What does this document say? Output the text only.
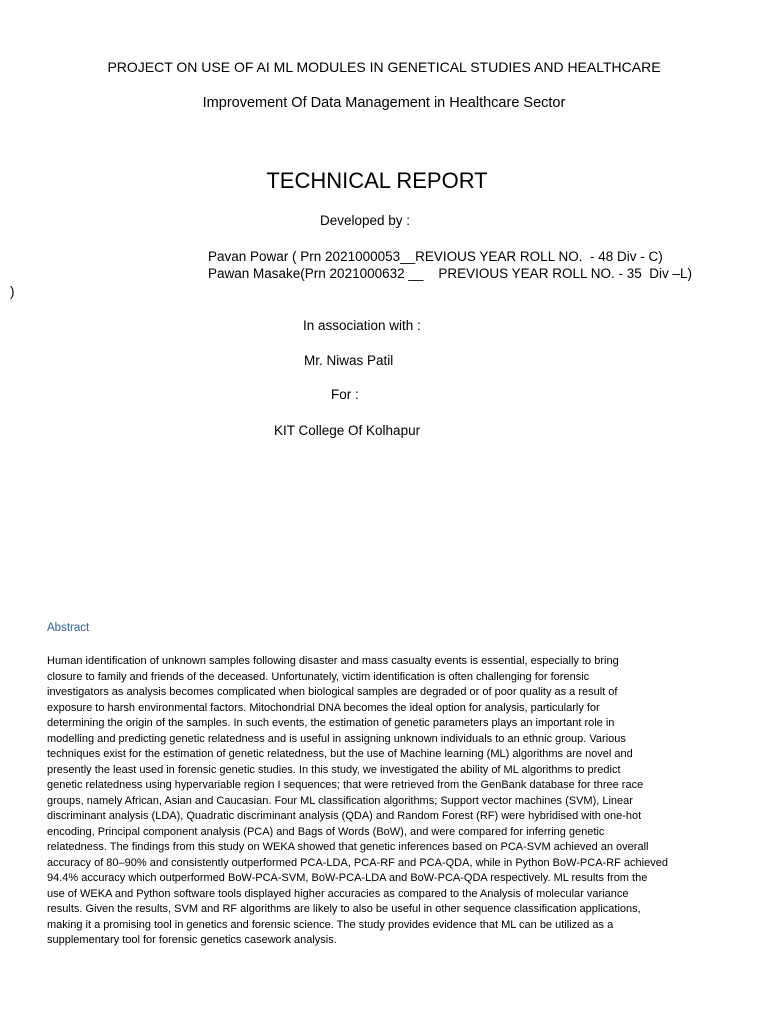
PROJECT ON USE OF AI ML MODULES IN GENETICAL STUDIES AND HEALTHCARE
Improvement Of Data Management in Healthcare Sector
TECHNICAL REPORT
Developed by :
Pavan Powar ( Prn 2021000053__REVIOUS YEAR ROLL NO.  - 48 Div - C)
Pawan Masake(Prn 2021000632 __    PREVIOUS YEAR ROLL NO. - 35  Div –L)
)
In association with :
Mr. Niwas Patil
For :
KIT College Of Kolhapur
Abstract
Human identification of unknown samples following disaster and mass casualty events is essential, especially to bring
closure to family and friends of the deceased. Unfortunately, victim identification is often challenging for forensic
investigators as analysis becomes complicated when biological samples are degraded or of poor quality as a result of
exposure to harsh environmental factors. Mitochondrial DNA becomes the ideal option for analysis, particularly for
determining the origin of the samples. In such events, the estimation of genetic parameters plays an important role in
modelling and predicting genetic relatedness and is useful in assigning unknown individuals to an ethnic group. Various
techniques exist for the estimation of genetic relatedness, but the use of Machine learning (ML) algorithms are novel and
presently the least used in forensic genetic studies. In this study, we investigated the ability of ML algorithms to predict
genetic relatedness using hypervariable region I sequences; that were retrieved from the GenBank database for three race
groups, namely African, Asian and Caucasian. Four ML classification algorithms; Support vector machines (SVM), Linear
discriminant analysis (LDA), Quadratic discriminant analysis (QDA) and Random Forest (RF) were hybridised with one-hot
encoding, Principal component analysis (PCA) and Bags of Words (BoW), and were compared for inferring genetic
relatedness. The findings from this study on WEKA showed that genetic inferences based on PCA-SVM achieved an overall
accuracy of 80–90% and consistently outperformed PCA-LDA, PCA-RF and PCA-QDA, while in Python BoW-PCA-RF achieved
94.4% accuracy which outperformed BoW-PCA-SVM, BoW-PCA-LDA and BoW-PCA-QDA respectively. ML results from the
use of WEKA and Python software tools displayed higher accuracies as compared to the Analysis of molecular variance
results. Given the results, SVM and RF algorithms are likely to also be useful in other sequence classification applications,
making it a promising tool in genetics and forensic science. The study provides evidence that ML can be utilized as a
supplementary tool for forensic genetics casework analysis.
